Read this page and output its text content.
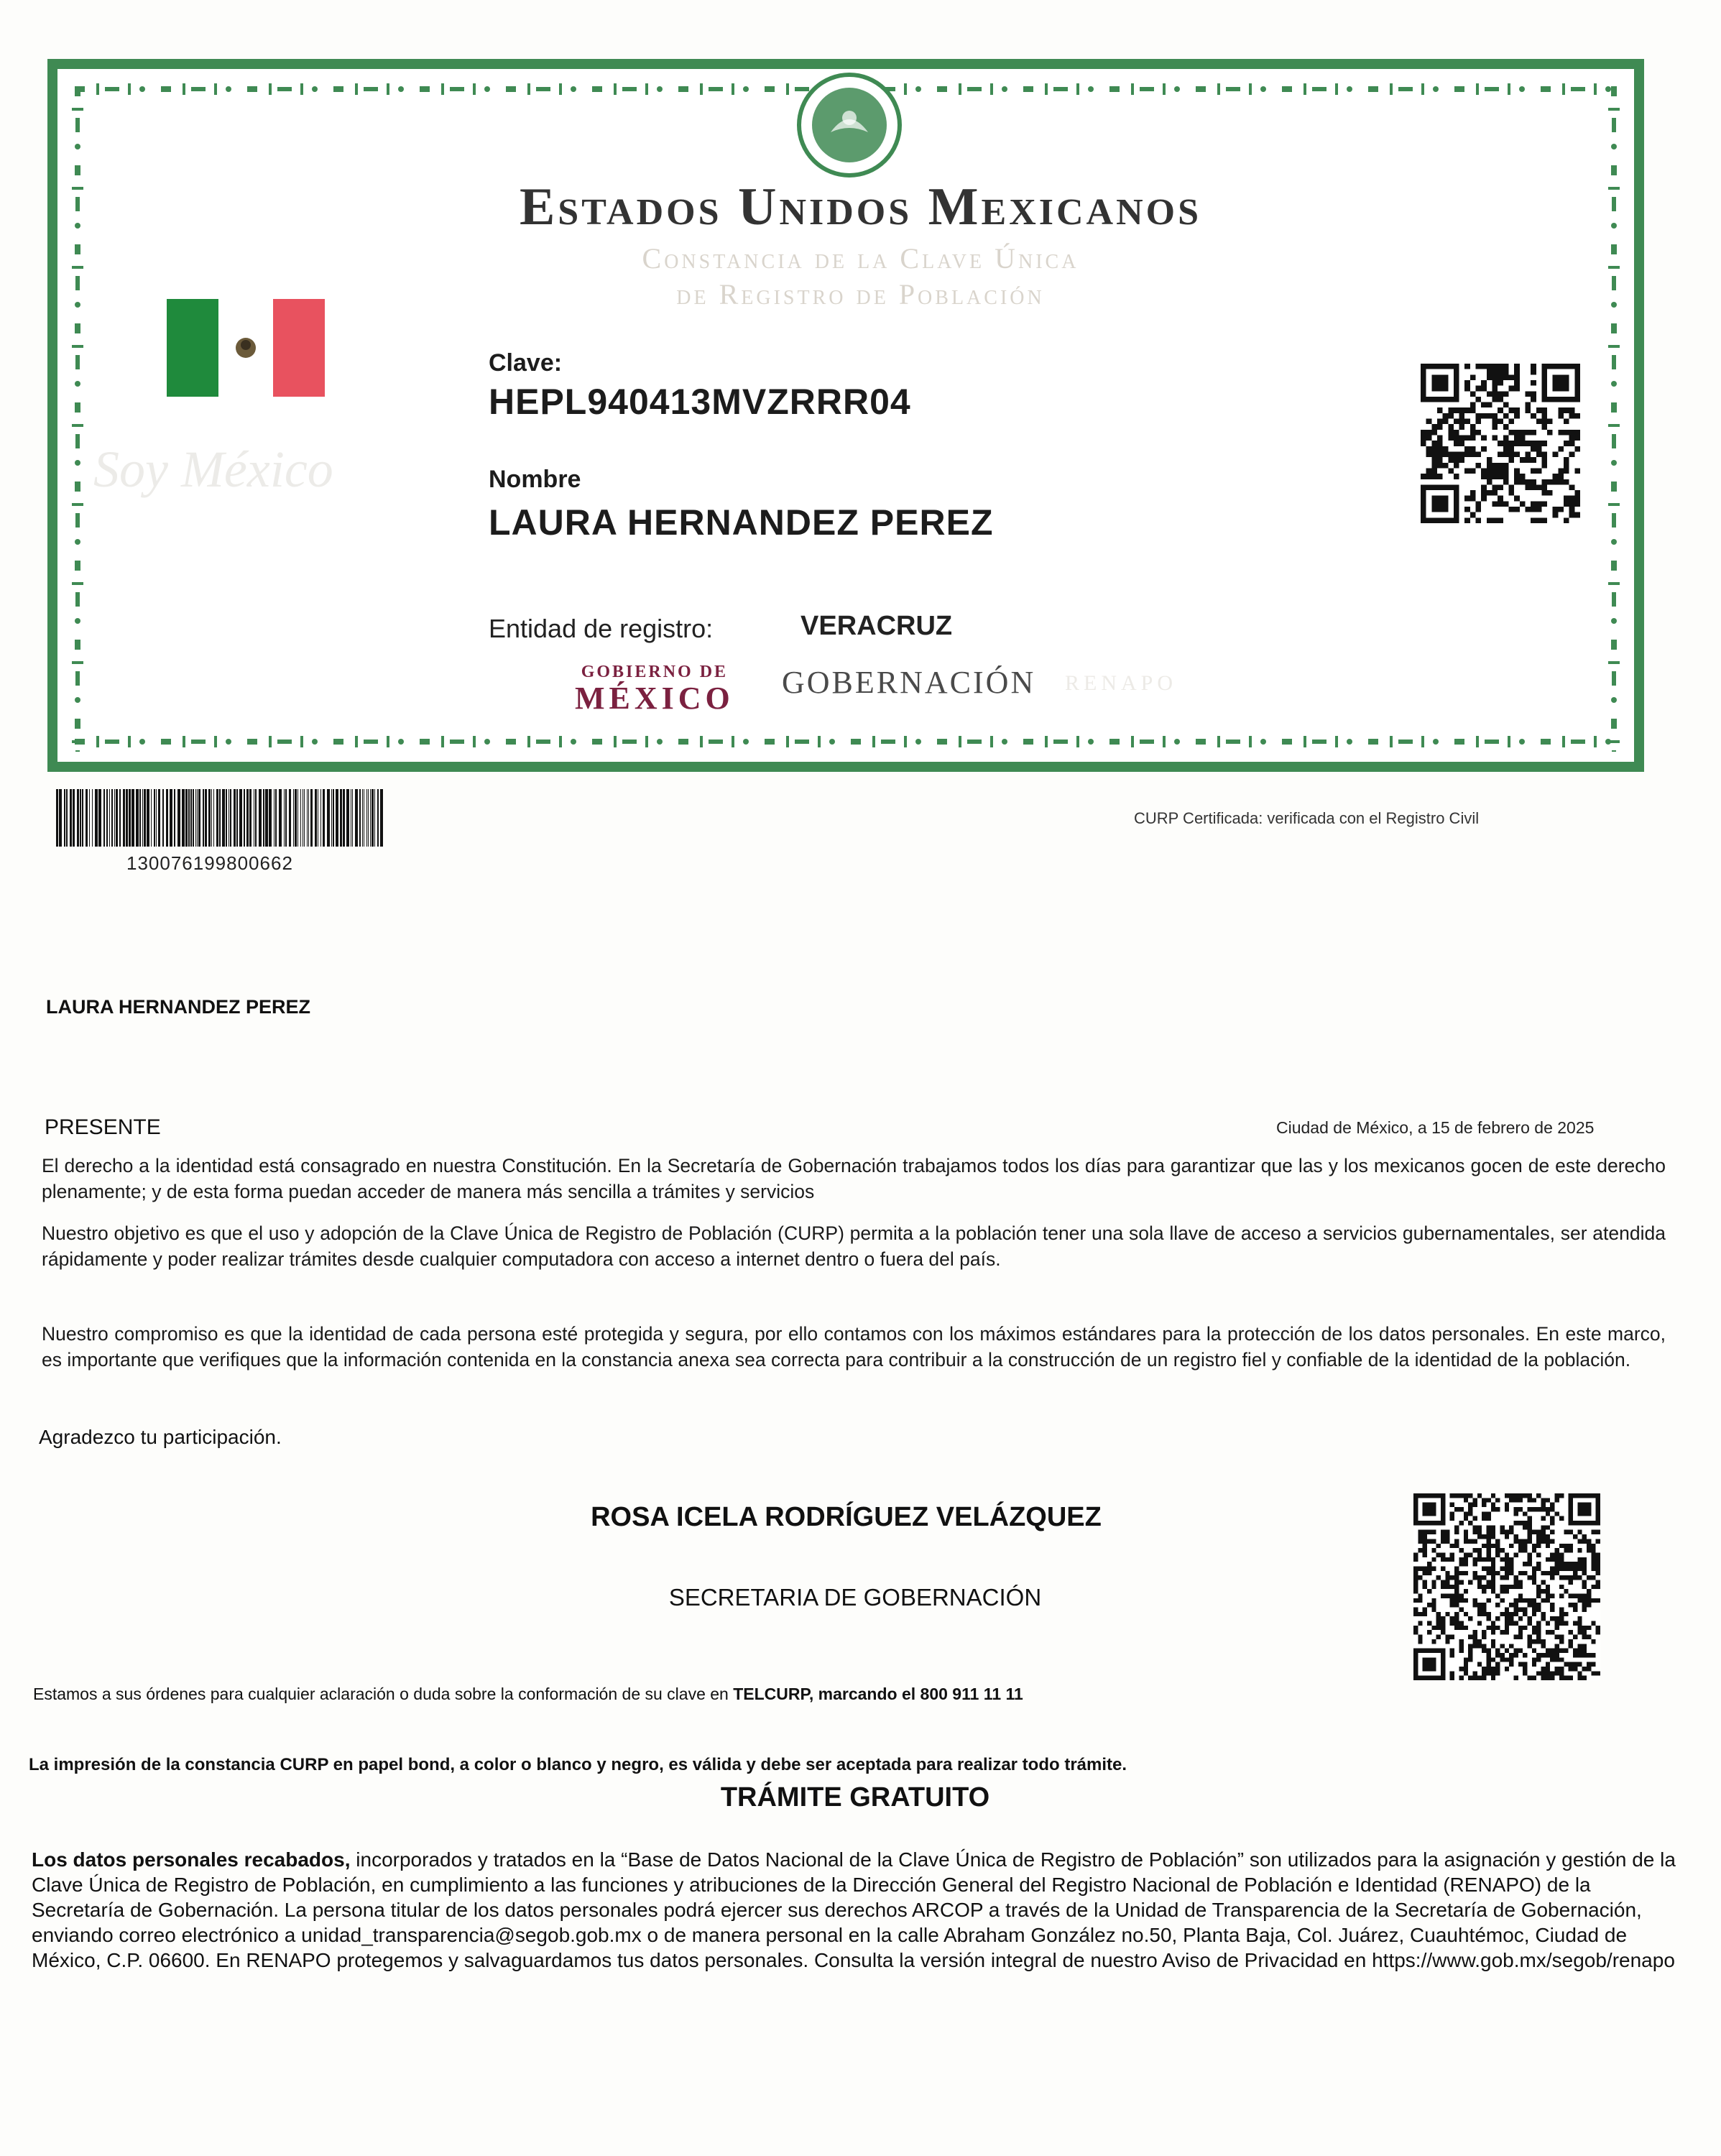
Estados Unidos Mexicanos
Constancia de la Clave Única
de Registro de Población
Soy México
Clave:
HEPL940413MVZRRR04
Nombre
LAURA HERNANDEZ PEREZ
Entidad de registro:	VERACRUZ
GOBIERNO DE
MÉXICO GOBERNACIÓN RENAPO
130076199800662
CURP Certificada: verificada con el Registro Civil
LAURA HERNANDEZ PEREZ
PRESENTE	Ciudad de México, a 15 de febrero de 2025
El derecho a la identidad está consagrado en nuestra Constitución. En la Secretaría de Gobernación trabajamos todos los días para garantizar que las y los mexicanos gocen de este derecho plenamente; y de esta forma puedan acceder de manera más sencilla a trámites y servicios
Nuestro objetivo es que el uso y adopción de la Clave Única de Registro de Población (CURP) permita a la población tener una sola llave de acceso a servicios gubernamentales, ser atendida rápidamente y poder realizar trámites desde cualquier computadora con acceso a internet dentro o fuera del país.
Nuestro compromiso es que la identidad de cada persona esté protegida y segura, por ello contamos con los máximos estándares para la protección de los datos personales. En este marco, es importante que verifiques que la información contenida en la constancia anexa sea correcta para contribuir a la construcción de un registro fiel y confiable de la identidad de la población.
Agradezco tu participación.
ROSA ICELA RODRÍGUEZ VELÁZQUEZ
SECRETARIA DE GOBERNACIÓN
Estamos a sus órdenes para cualquier aclaración o duda sobre la conformación de su clave en TELCURP, marcando el 800 911 11 11
La impresión de la constancia CURP en papel bond, a color o blanco y negro, es válida y debe ser aceptada para realizar todo trámite.
TRÁMITE GRATUITO
Los datos personales recabados, incorporados y tratados en la “Base de Datos Nacional de la Clave Única de Registro de Población” son utilizados para la asignación y gestión de la Clave Única de Registro de Población, en cumplimiento a las funciones y atribuciones de la Dirección General del Registro Nacional de Población e Identidad (RENAPO) de la Secretaría de Gobernación. La persona titular de los datos personales podrá ejercer sus derechos ARCOP a través de la Unidad de Transparencia de la Secretaría de Gobernación, enviando correo electrónico a unidad_transparencia@segob.gob.mx o de manera personal en la calle Abraham González no.50, Planta Baja, Col. Juárez, Cuauhtémoc, Ciudad de México, C.P. 06600. En RENAPO protegemos y salvaguardamos tus datos personales. Consulta la versión integral de nuestro Aviso de Privacidad en https://www.gob.mx/segob/renapo
